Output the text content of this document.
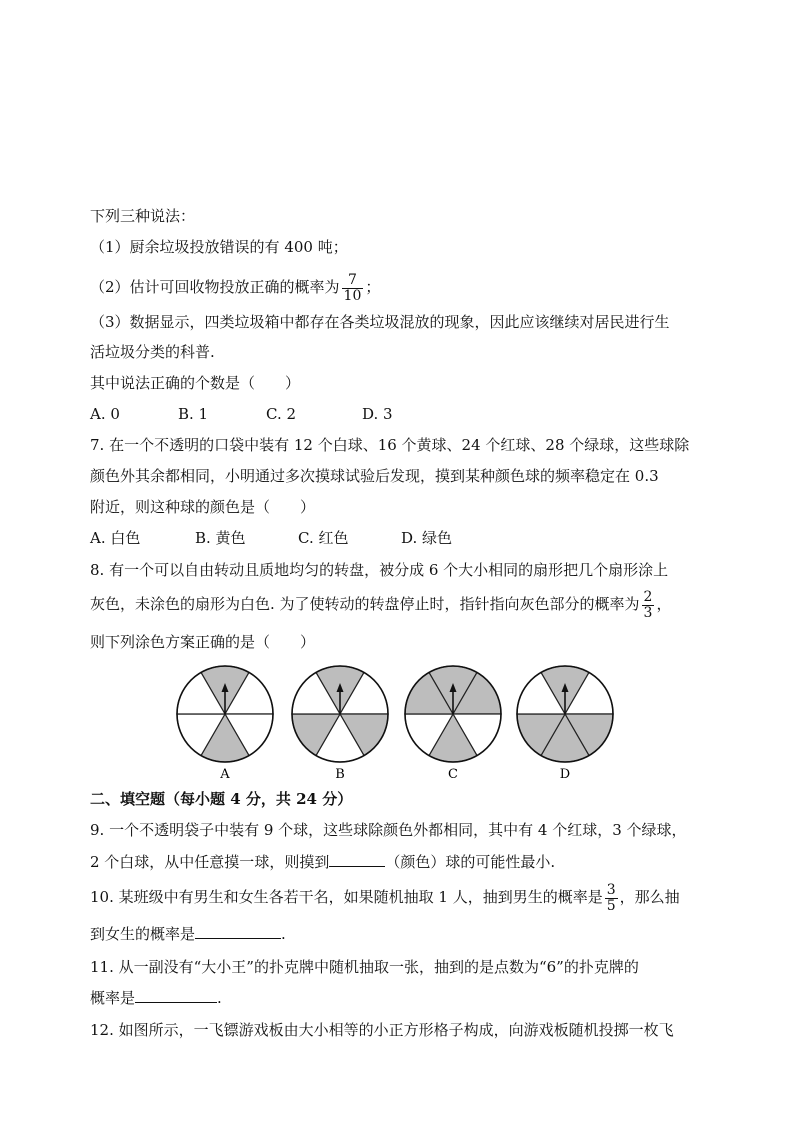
下列三种说法：
（1）厨余垃圾投放错误的有 400 吨；
（2）估计可回收物投放正确的概率为 $\frac{7}{10}$ ；
（3）数据显示，四类垃圾箱中都存在各类垃圾混放的现象，因此应该继续对居民进行生
活垃圾分类的科普.
其中说法正确的个数是（　　）
A. 0	B. 1	C. 2	D. 3
7. 在一个不透明的口袋中装有 12 个白球、16 个黄球、24 个红球、28 个绿球，这些球除
颜色外其余都相同，小明通过多次摸球试验后发现，摸到某种颜色球的频率稳定在 0.3
附近，则这种球的颜色是（　　）
A. 白色	B. 黄色	C. 红色	D. 绿色
8. 有一个可以自由转动且质地均匀的转盘，被分成 6 个大小相同的扇形把几个扇形涂上
灰色，未涂色的扇形为白色. 为了使转动的转盘停止时，指针指向灰色部分的概率为 $\frac{2}{3}$ ，
则下列涂色方案正确的是（　　）
A	B	C	D
二、填空题（每小题 4 分，共 24 分）
9. 一个不透明袋子中装有 9 个球，这些球除颜色外都相同，其中有 4 个红球，3 个绿球，
2 个白球，从中任意摸一球，则摸到	（颜色）球的可能性最小.
10. 某班级中有男生和女生各若干名，如果随机抽取 1 人，抽到男生的概率是 $\frac{3}{5}$ ，那么抽
到女生的概率是	.
11. 从一副没有“大小王”的扑克牌中随机抽取一张，抽到的是点数为“6”的扑克牌的
概率是	.
12. 如图所示，一飞镖游戏板由大小相等的小正方形格子构成，向游戏板随机投掷一枚飞
